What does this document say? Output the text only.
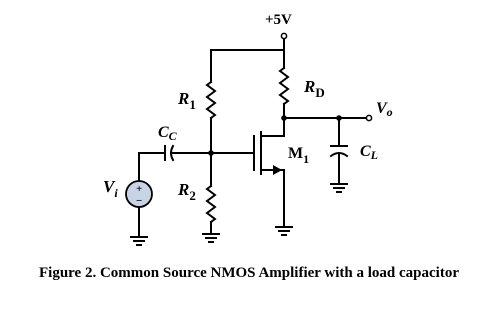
+5V
+
−
$R_1$
$R_2$
$R_D$
CC
$M_1$	CL
Vo
$V_i$
Figure 2. Common Source NMOS Amplifier with a load capacitor
